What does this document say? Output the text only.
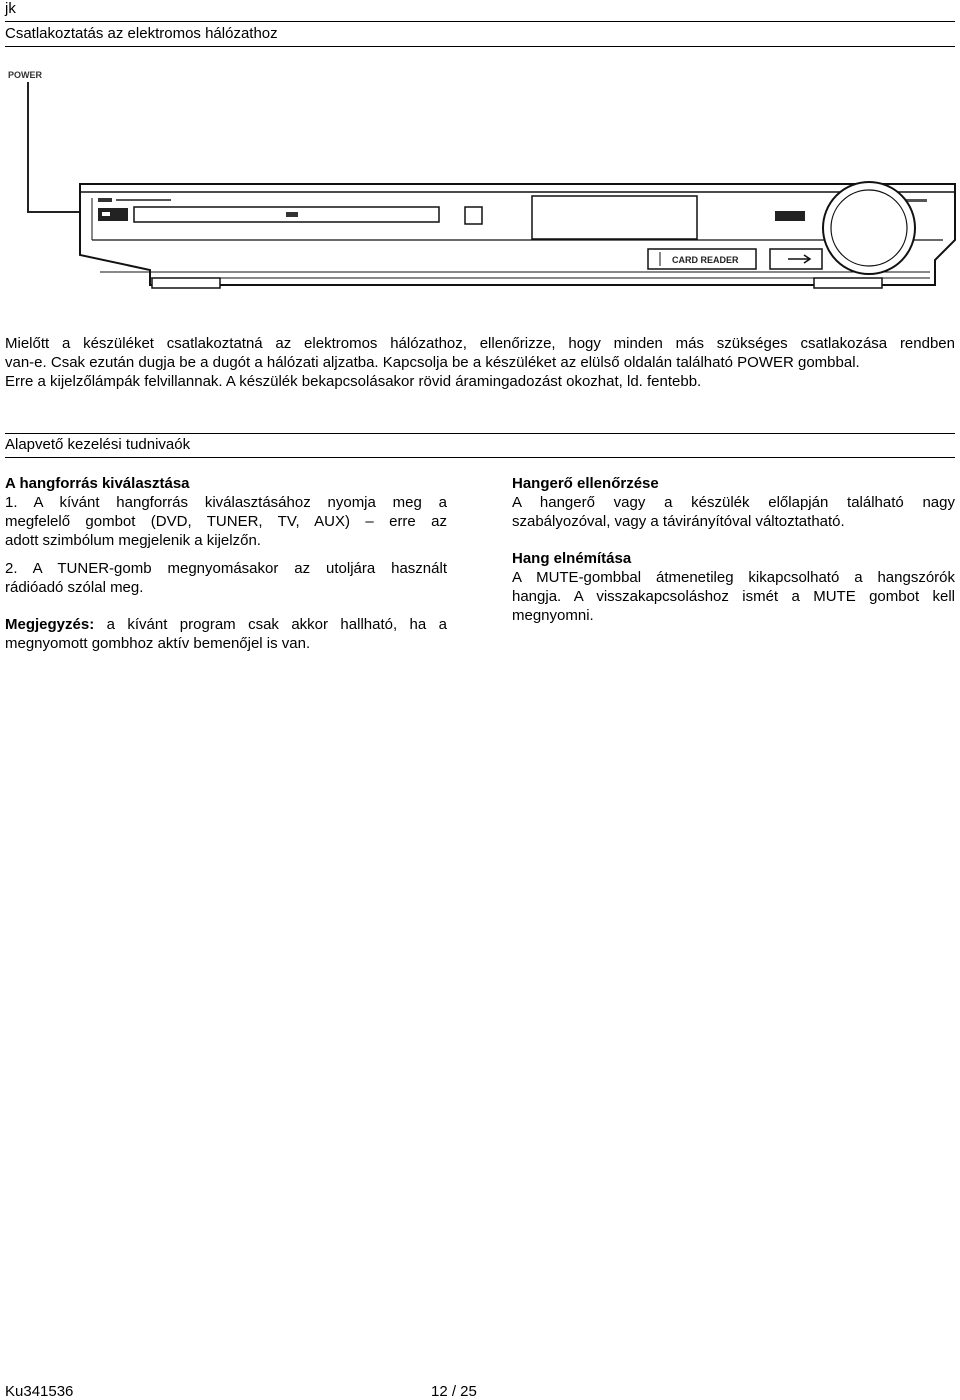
jk
Csatlakoztatás az elektromos hálózathoz
POWER
CARD READER
Mielőtt a készüléket csatlakoztatná az elektromos hálózathoz, ellenőrizze, hogy minden más szükséges csatlakozása rendben
van-e. Csak ezután dugja be a dugót a hálózati aljzatba. Kapcsolja be a készüléket az elülső oldalán található POWER gombbal.
Erre a kijelzőlámpák felvillannak. A készülék bekapcsolásakor rövid áramingadozást okozhat, ld. fentebb.
Alapvető kezelési tudnivaók
A hangforrás kiválasztása
1. A kívánt hangforrás kiválasztásához nyomja meg a
megfelelő gombot (DVD, TUNER, TV, AUX) – erre az
adott szimbólum megjelenik a kijelzőn.
2. A TUNER-gomb megnyomásakor az utoljára használt
rádióadó szólal meg.
Megjegyzés: a kívánt program csak akkor hallható, ha a
megnyomott gombhoz aktív bemenőjel is van.
Hangerő ellenőrzése
A hangerő vagy a készülék előlapján található nagy
szabályozóval, vagy a távirányítóval változtatható.
Hang elnémítása
A MUTE-gombbal átmenetileg kikapcsolható a hangszórók
hangja. A visszakapcsoláshoz ismét a MUTE gombot kell
megnyomni.
Ku341536	12 / 25
